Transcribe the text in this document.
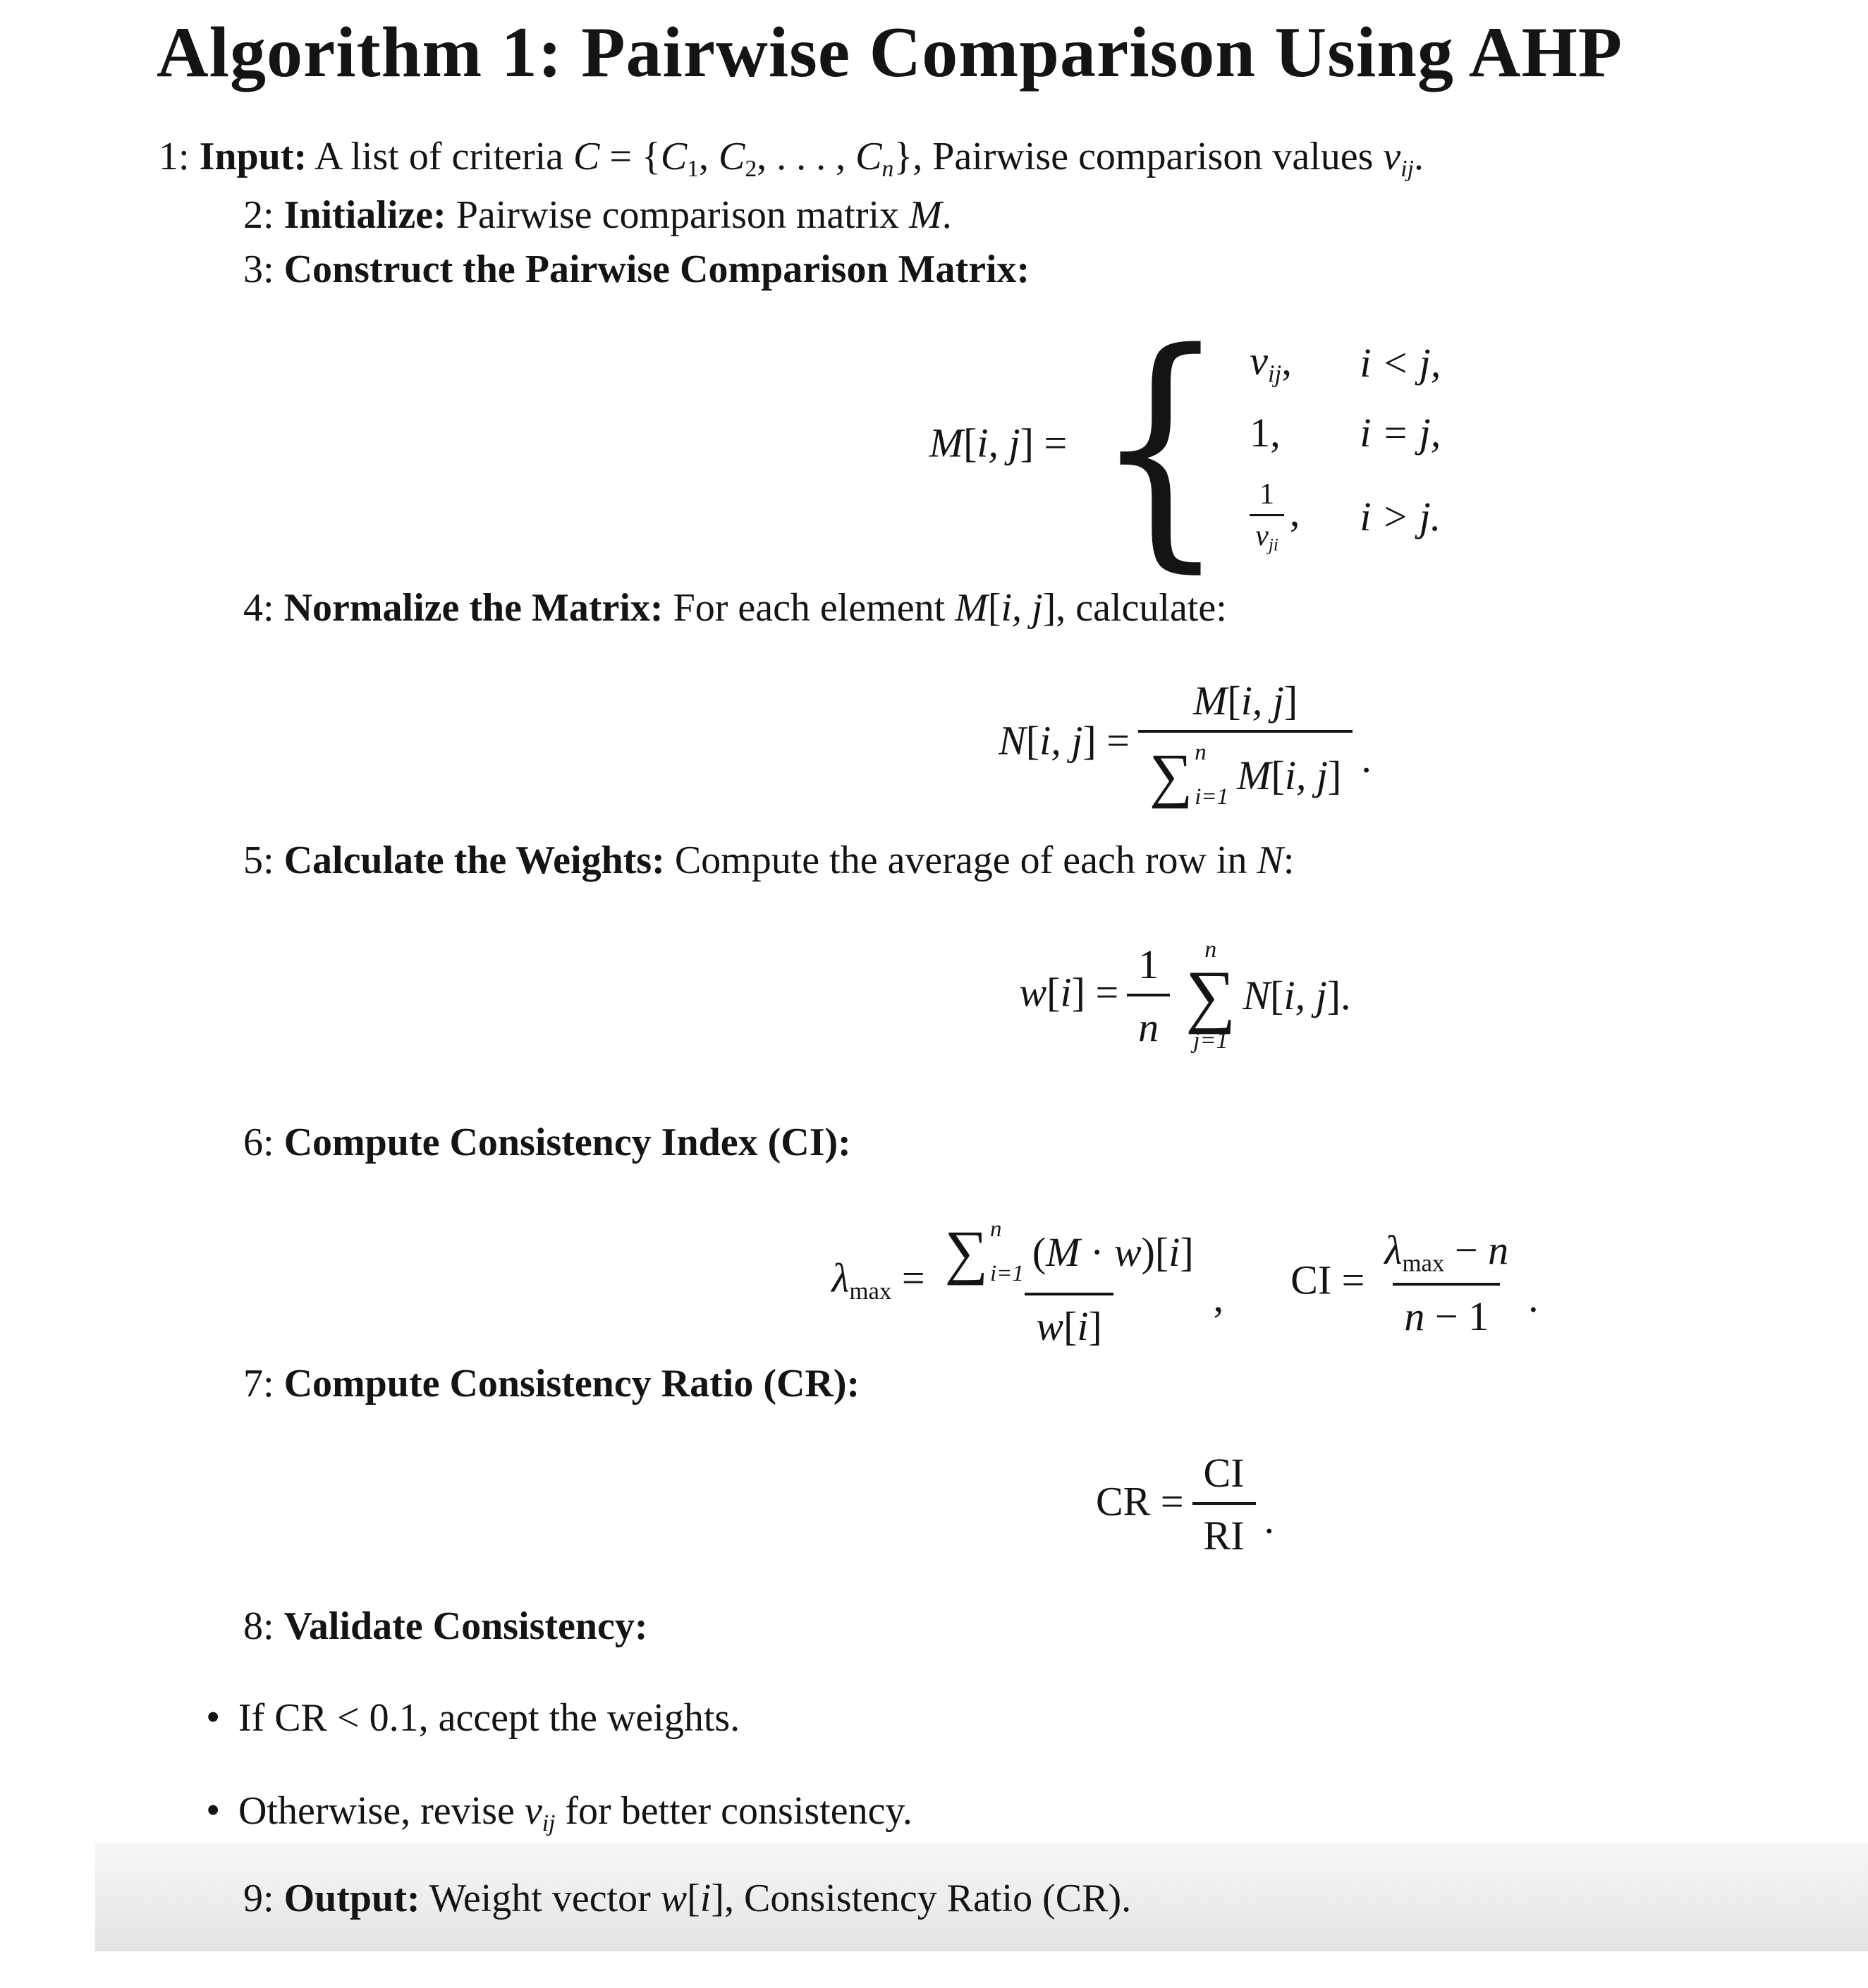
Algorithm 1: Pairwise Comparison Using AHP
1: Input: A list of criteria C = {C1, C2, . . . , Cn}, Pairwise comparison values vij.
2: Initialize: Pairwise comparison matrix M.
3: Construct the Pairwise Comparison Matrix:
M[i, j] = { vij, i < j,
1, i = j,
1
vji
, i > j.
4: Normalize the Matrix: For each element M[i, j], calculate:
N[i, j] = M[i, j]
∑ n
i=1 M[i, j] .
5: Calculate the Weights: Compute the average of each row in N:
$w[i] = \frac{1}{n}$ n
∑
j=1
N[i, j].
6: Compute Consistency Index (CI):
λmax = ∑ n
i=1 (M · w)[i]
w[i] , CI = $\frac{\lambda\max - n}{n - 1}$ .
7: Compute Consistency Ratio (CR):
CR = $\frac{CI}{RI}$ .
8: Validate Consistency:
• If CR < 0.1, accept the weights.
• Otherwise, revise vij for better consistency.
9: Output: Weight vector w[i], Consistency Ratio (CR).
